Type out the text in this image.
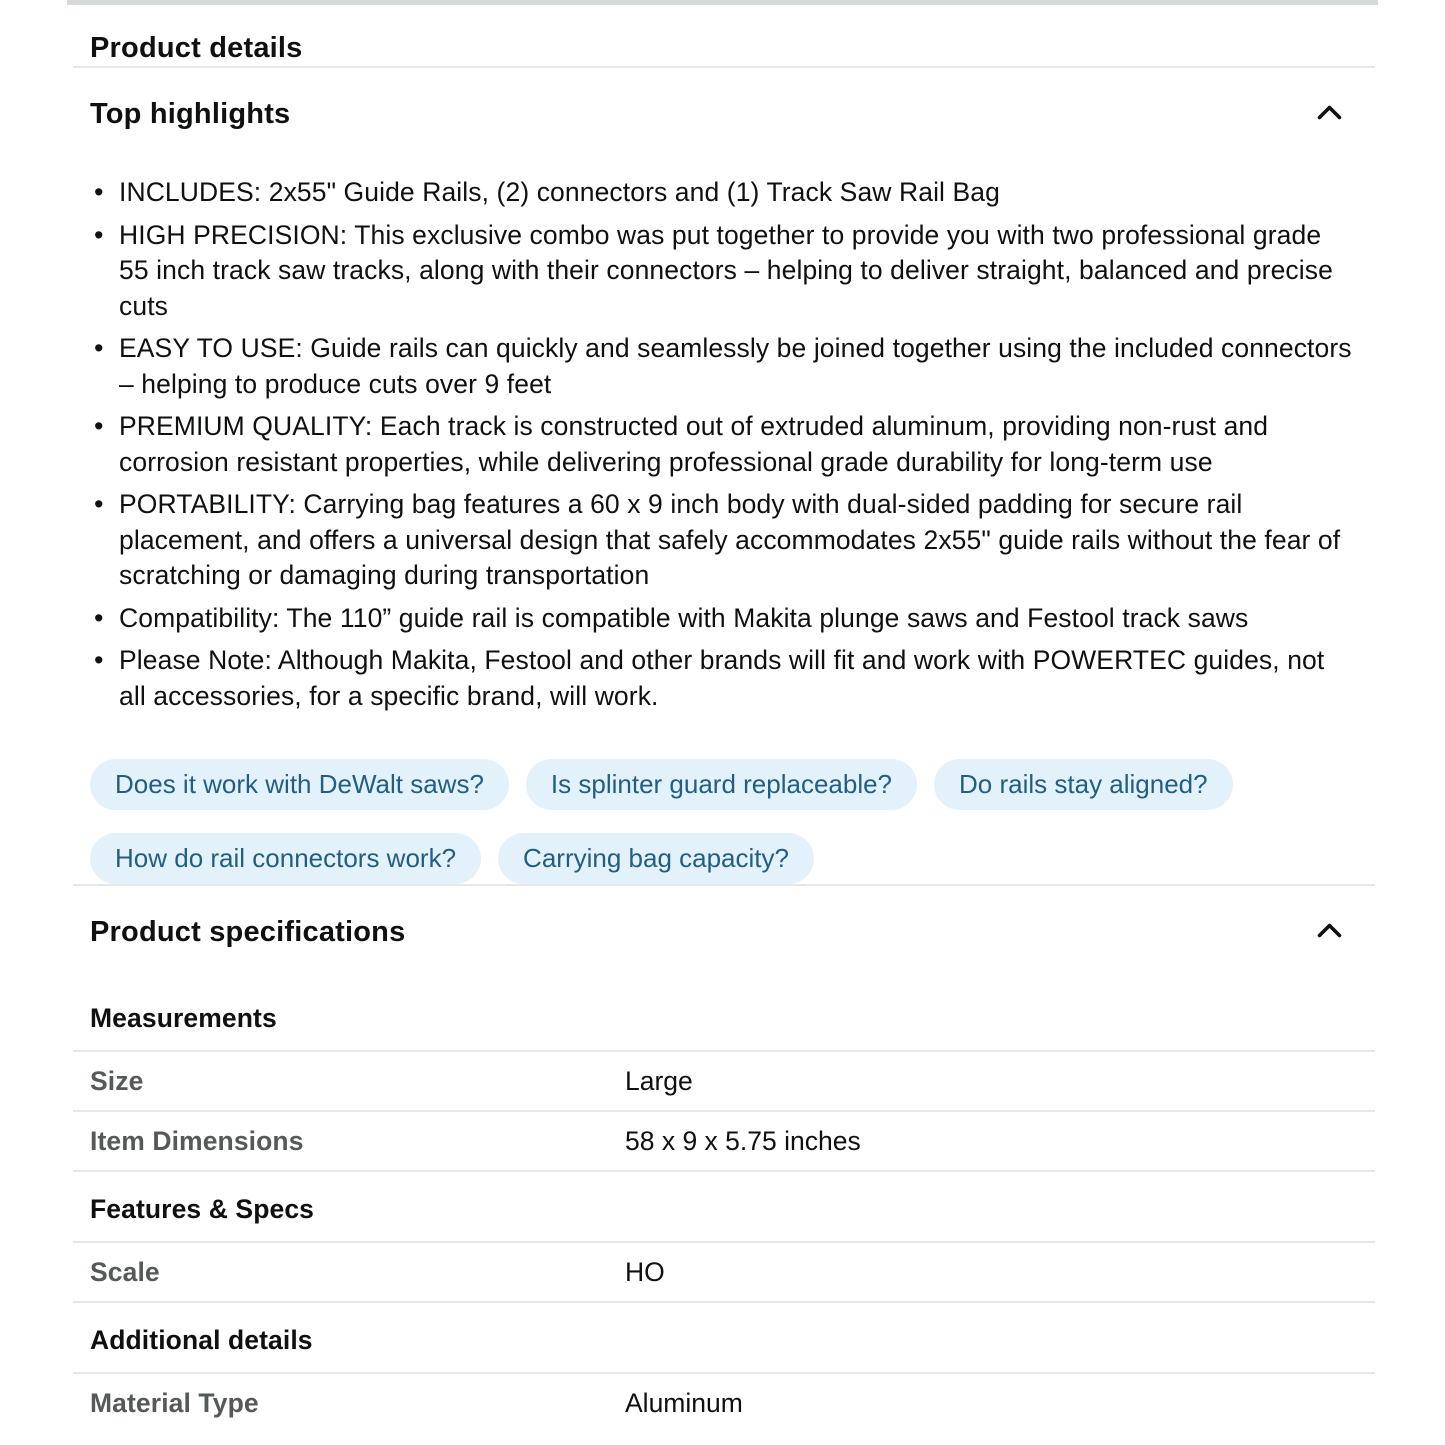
Product details
Top highlights
• INCLUDES: 2x55" Guide Rails, (2) connectors and (1) Track Saw Rail Bag
• HIGH PRECISION: This exclusive combo was put together to provide you with two professional grade 55 inch track saw tracks, along with their connectors – helping to deliver straight, balanced and precise cuts
• EASY TO USE: Guide rails can quickly and seamlessly be joined together using the included connectors – helping to produce cuts over 9 feet
• PREMIUM QUALITY: Each track is constructed out of extruded aluminum, providing non-rust and corrosion resistant properties, while delivering professional grade durability for long-term use
• PORTABILITY: Carrying bag features a 60 x 9 inch body with dual-sided padding for secure rail placement, and offers a universal design that safely accommodates 2x55" guide rails without the fear of scratching or damaging during transportation
• Compatibility: The 110” guide rail is compatible with Makita plunge saws and Festool track saws
• Please Note: Although Makita, Festool and other brands will fit and work with POWERTEC guides, not all accessories, for a specific brand, will work.
Does it work with DeWalt saws?	Is splinter guard replaceable?	Do rails stay aligned?
How do rail connectors work?	Carrying bag capacity?
Product specifications
Measurements
Size	Large
Item Dimensions	58 x 9 x 5.75 inches
Features & Specs
Scale	HO
Additional details
Material Type	Aluminum
